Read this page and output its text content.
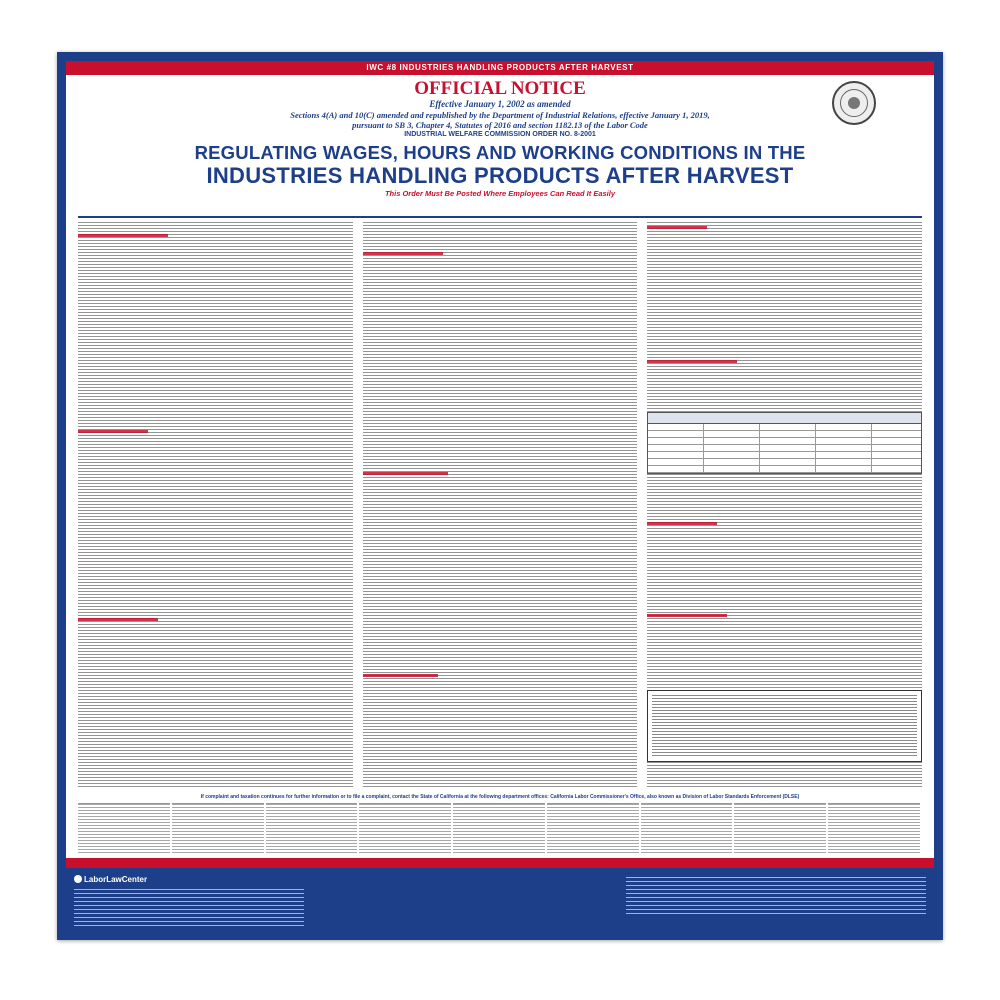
IWC #8 INDUSTRIES HANDLING PRODUCTS AFTER HARVEST
OFFICIAL NOTICE
Effective January 1, 2002 as amended
Sections 4(A) and 10(C) amended and republished by the Department of Industrial Relations, effective January 1, 2019,
pursuant to SB 3, Chapter 4, Statutes of 2016 and section 1182.13 of the Labor Code
INDUSTRIAL WELFARE COMMISSION ORDER NO. 8-2001
REGULATING WAGES, HOURS AND WORKING CONDITIONS IN THE
INDUSTRIES HANDLING PRODUCTS AFTER HARVEST
This Order Must Be Posted Where Employees Can Read It Easily
If complaint and taxation continues for further information or to file a complaint, contact the State of California at the following department offices: California Labor Commissioner's Office, also known as Division of Labor Standards Enforcement (DLSE)
LaborLawCenter
